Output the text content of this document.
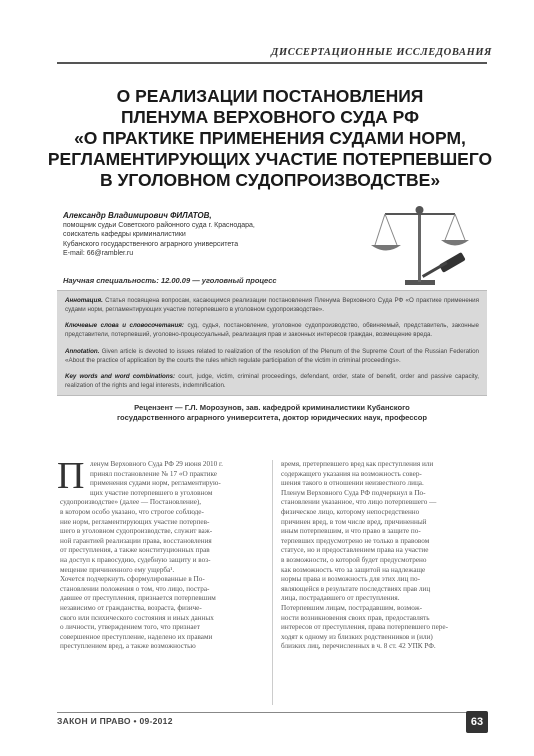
ДИССЕРТАЦИОННЫЕ ИССЛЕДОВАНИЯ
О РЕАЛИЗАЦИИ ПОСТАНОВЛЕНИЯ
ПЛЕНУМА ВЕРХОВНОГО СУДА РФ
«О ПРАКТИКЕ ПРИМЕНЕНИЯ СУДАМИ НОРМ,
РЕГЛАМЕНТИРУЮЩИХ УЧАСТИЕ ПОТЕРПЕВШЕГО
В УГОЛОВНОМ СУДОПРОИЗВОДСТВЕ»
Александр Владимирович ФИЛАТОВ,
помощник судьи Советского районного суда г. Краснодара,
соискатель кафедры криминалистики
Кубанского государственного аграрного университета
E-mail: 66@rambler.ru
Научная специальность: 12.00.09 — уголовный процесс
Аннотация. Статья посвящена вопросам, касающимся реализации постановления Пленума Верховного Суда РФ «О практике применения судами норм, регламентирующих участие потерпевшего в уголовном судопроизводстве».
Ключевые слова и словосочетания: суд, судья, постановление, уголовное судопроизводство, обвиняемый, представитель, законные представители, потерпевший, уголовно-процессуальный, реализация прав и законных интересов граждан, возмещение вреда.
Annotation. Given article is devoted to issues related to realization of the resolution of the Plenum of the Supreme Court of the Russian Federation «About the practice of application by the courts the rules which regulate participation of the victim in criminal proceedings».
Key words and word combinations: court, judge, victim, criminal proceedings, defendant, order, state of benefit, order and passive capacity, realization of the rights and legal interests, indemnification.
Рецензент — Г.Л. Морозунов, зав. кафедрой криминалистики Кубанского
государственного аграрного университета, доктор юридических наук, профессор
П ленум Верховного Суда РФ 29 июня 2010 г.
принял постановление № 17 «О практике
применения судами норм, регламентирую-
щих участие потерпевшего в уголовном
судопроизводстве» (далее — Постановление),
в котором особо указано, что строгое соблюде-
ние норм, регламентирующих участие потерпев-
шего в уголовном судопроизводстве, служит важ-
ной гарантией реализации права, восстановления
от преступления, а также конституционных прав
на доступ к правосудию, судебную защиту и воз-
мещение причиненного ему ущерба¹.
Хочется подчеркнуть сформулированные в По-
становлении положения о том, что лицо, постра-
давшее от преступления, признается потерпевшим
независимо от гражданства, возраста, физиче-
ского или психического состояния и иных данных
о личности, утверждением того, что признает
совершенное преступление, наделено их правами
преступлением вред, а также возможностью
время, претерпевшего вред как преступления или
содержащего указания на возможность совер-
шения такого в отношении неизвестного лица.
Пленум Верховного Суда РФ подчеркнул в По-
становлении указанное, что лицо потерпевшего —
физическое лицо, которому непосредственно
причинен вред, в том числе вред, причиненный
иным потерпевшим, и что право в защите по-
терпевших предусмотрено не только в правовом
статусе, но и предоставлением права на участие
в возможности, о которой будет предусмотрено
как возможность что за защитой на надлежаще
нормы права и возможность для этих лиц по-
являющейся в результате последствиях прав лиц
лица, пострадавшего от преступления.
Потерпевшим лицам, пострадавшим, возмож-
ности возникновения своих прав, предоставлять
интересов от преступления, права потерпевшего пере-
ходят к одному из близких родственников и (или)
близких лиц, перечисленных в ч. 8 ст. 42 УПК РФ.
ЗАКОН И ПРАВО • 09-2012	63
